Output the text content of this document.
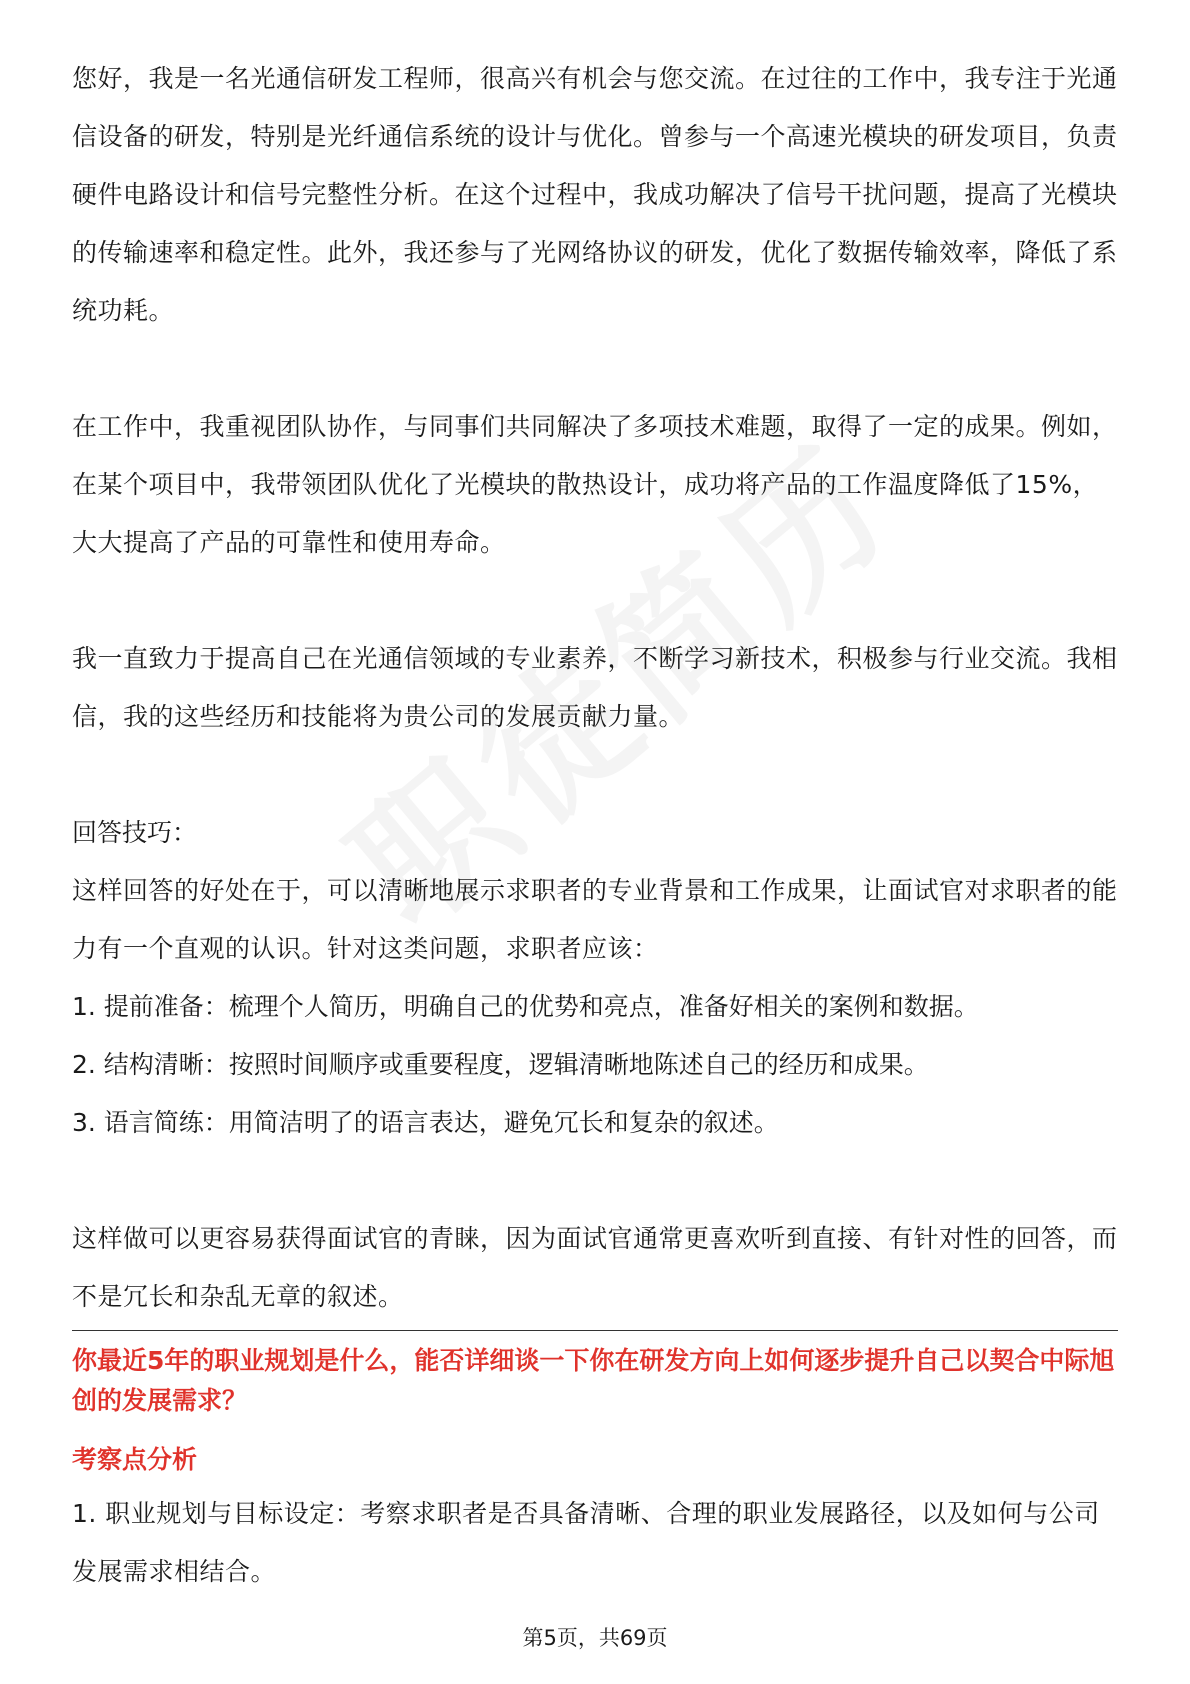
您好，我是一名光通信研发工程师，很高兴有机会与您交流。在过往的工作中，我专注于光通信设备的研发，特别是光纤通信系统的设计与优化。曾参与一个高速光模块的研发项目，负责硬件电路设计和信号完整性分析。在这个过程中，我成功解决了信号干扰问题，提高了光模块的传输速率和稳定性。此外，我还参与了光网络协议的研发，优化了数据传输效率，降低了系统功耗。

在工作中，我重视团队协作，与同事们共同解决了多项技术难题，取得了一定的成果。例如，在某个项目中，我带领团队优化了光模块的散热设计，成功将产品的工作温度降低了15%，大大提高了产品的可靠性和使用寿命。

我一直致力于提高自己在光通信领域的专业素养，不断学习新技术，积极参与行业交流。我相信，我的这些经历和技能将为贵公司的发展贡献力量。

回答技巧：

这样回答的好处在于，可以清晰地展示求职者的专业背景和工作成果，让面试官对求职者的能力有一个直观的认识。针对这类问题，求职者应该：

1. 提前准备：梳理个人简历，明确自己的优势和亮点，准备好相关的案例和数据。

2. 结构清晰：按照时间顺序或重要程度，逻辑清晰地陈述自己的经历和成果。

3. 语言简练：用简洁明了的语言表达，避免冗长和复杂的叙述。

这样做可以更容易获得面试官的青睐，因为面试官通常更喜欢听到直接、有针对性的回答，而不是冗长和杂乱无章的叙述。

你最近5年的职业规划是什么，能否详细谈一下你在研发方向上如何逐步提升自己以契合中际旭创的发展需求？

考察点分析

1. 职业规划与目标设定：考察求职者是否具备清晰、合理的职业发展路径，以及如何与公司发展需求相结合。

第5页，共69页
